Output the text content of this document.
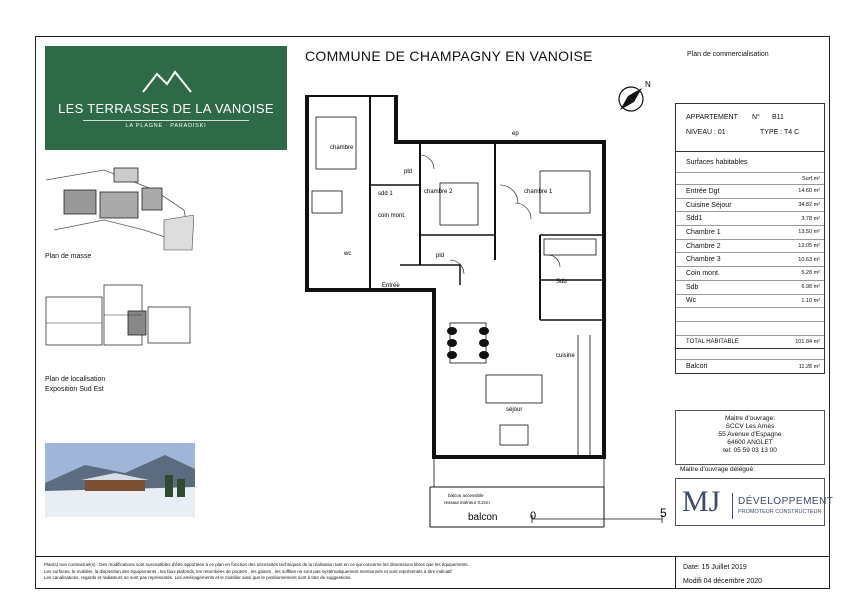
LES TERRASSES DE LA VANOISE
LA PLAGNE · PARADISKI
COMMUNE DE CHAMPAGNY EN VANOISE	Plan de commercialisation
N
APPARTEMENT N° B11
NIVEAU : 01	TYPE : T4 C
Surfaces habitables
Surf.m²
Entrée Dgt	14.60 m²
Cuisine Séjour	34.82 m²
Sdd1	3.78 m²
Chambre 1	13.50 m²
Chambre 2	12.05 m²
Chambre 3	10.63 m²
Coin mont.	5.28 m²
Sdb	6.98 m²
Wc	1.10 m²
TOTAL HABITABLE	101.84 m²
Balcon	11.28 m²
Maitre d'ouvrage:
SCCV Les Arnès
55 Avenue d'Espagne
64600 ANGLET
tel: 05 59 03 13 00
Maitre d'ouvrage délégué:
MJ DÉVELOPPEMENT
PROMOTEUR CONSTRUCTEUR
Plan de masse
Plan de localisation
Exposition Sud Est
chambre
chambre 2	chambre 1
sdd 1
coin mont.
wc
Entrée
Sdb
cuisine
séjour
pld
pld
ep
balcon accessible
ressaut intérieur 0.2cm
balcon	0	5
Plan(s) non contractuel(s) . Des modifications sont susceptibles d'être apportées à ce plan en fonction des nécessités techniques de la réalisation tant en ce qui concerne les dimensions libres que les équipements.
Les surfaces, le mobilier, la disposition des équipements , les faux plafonds, les retombées de poutres , les gaines , les soffites ne sont pas systématiquement mentionnés et sont représentés à titre indicatif
Les canalisations, regards et radiateurs ne sont pas représentés. Les aménagements et le mobilier ainsi que le positionnement sont à titre de suggestions.
Date: 15 Juillet 2019
Modifi 04 décembre 2020
